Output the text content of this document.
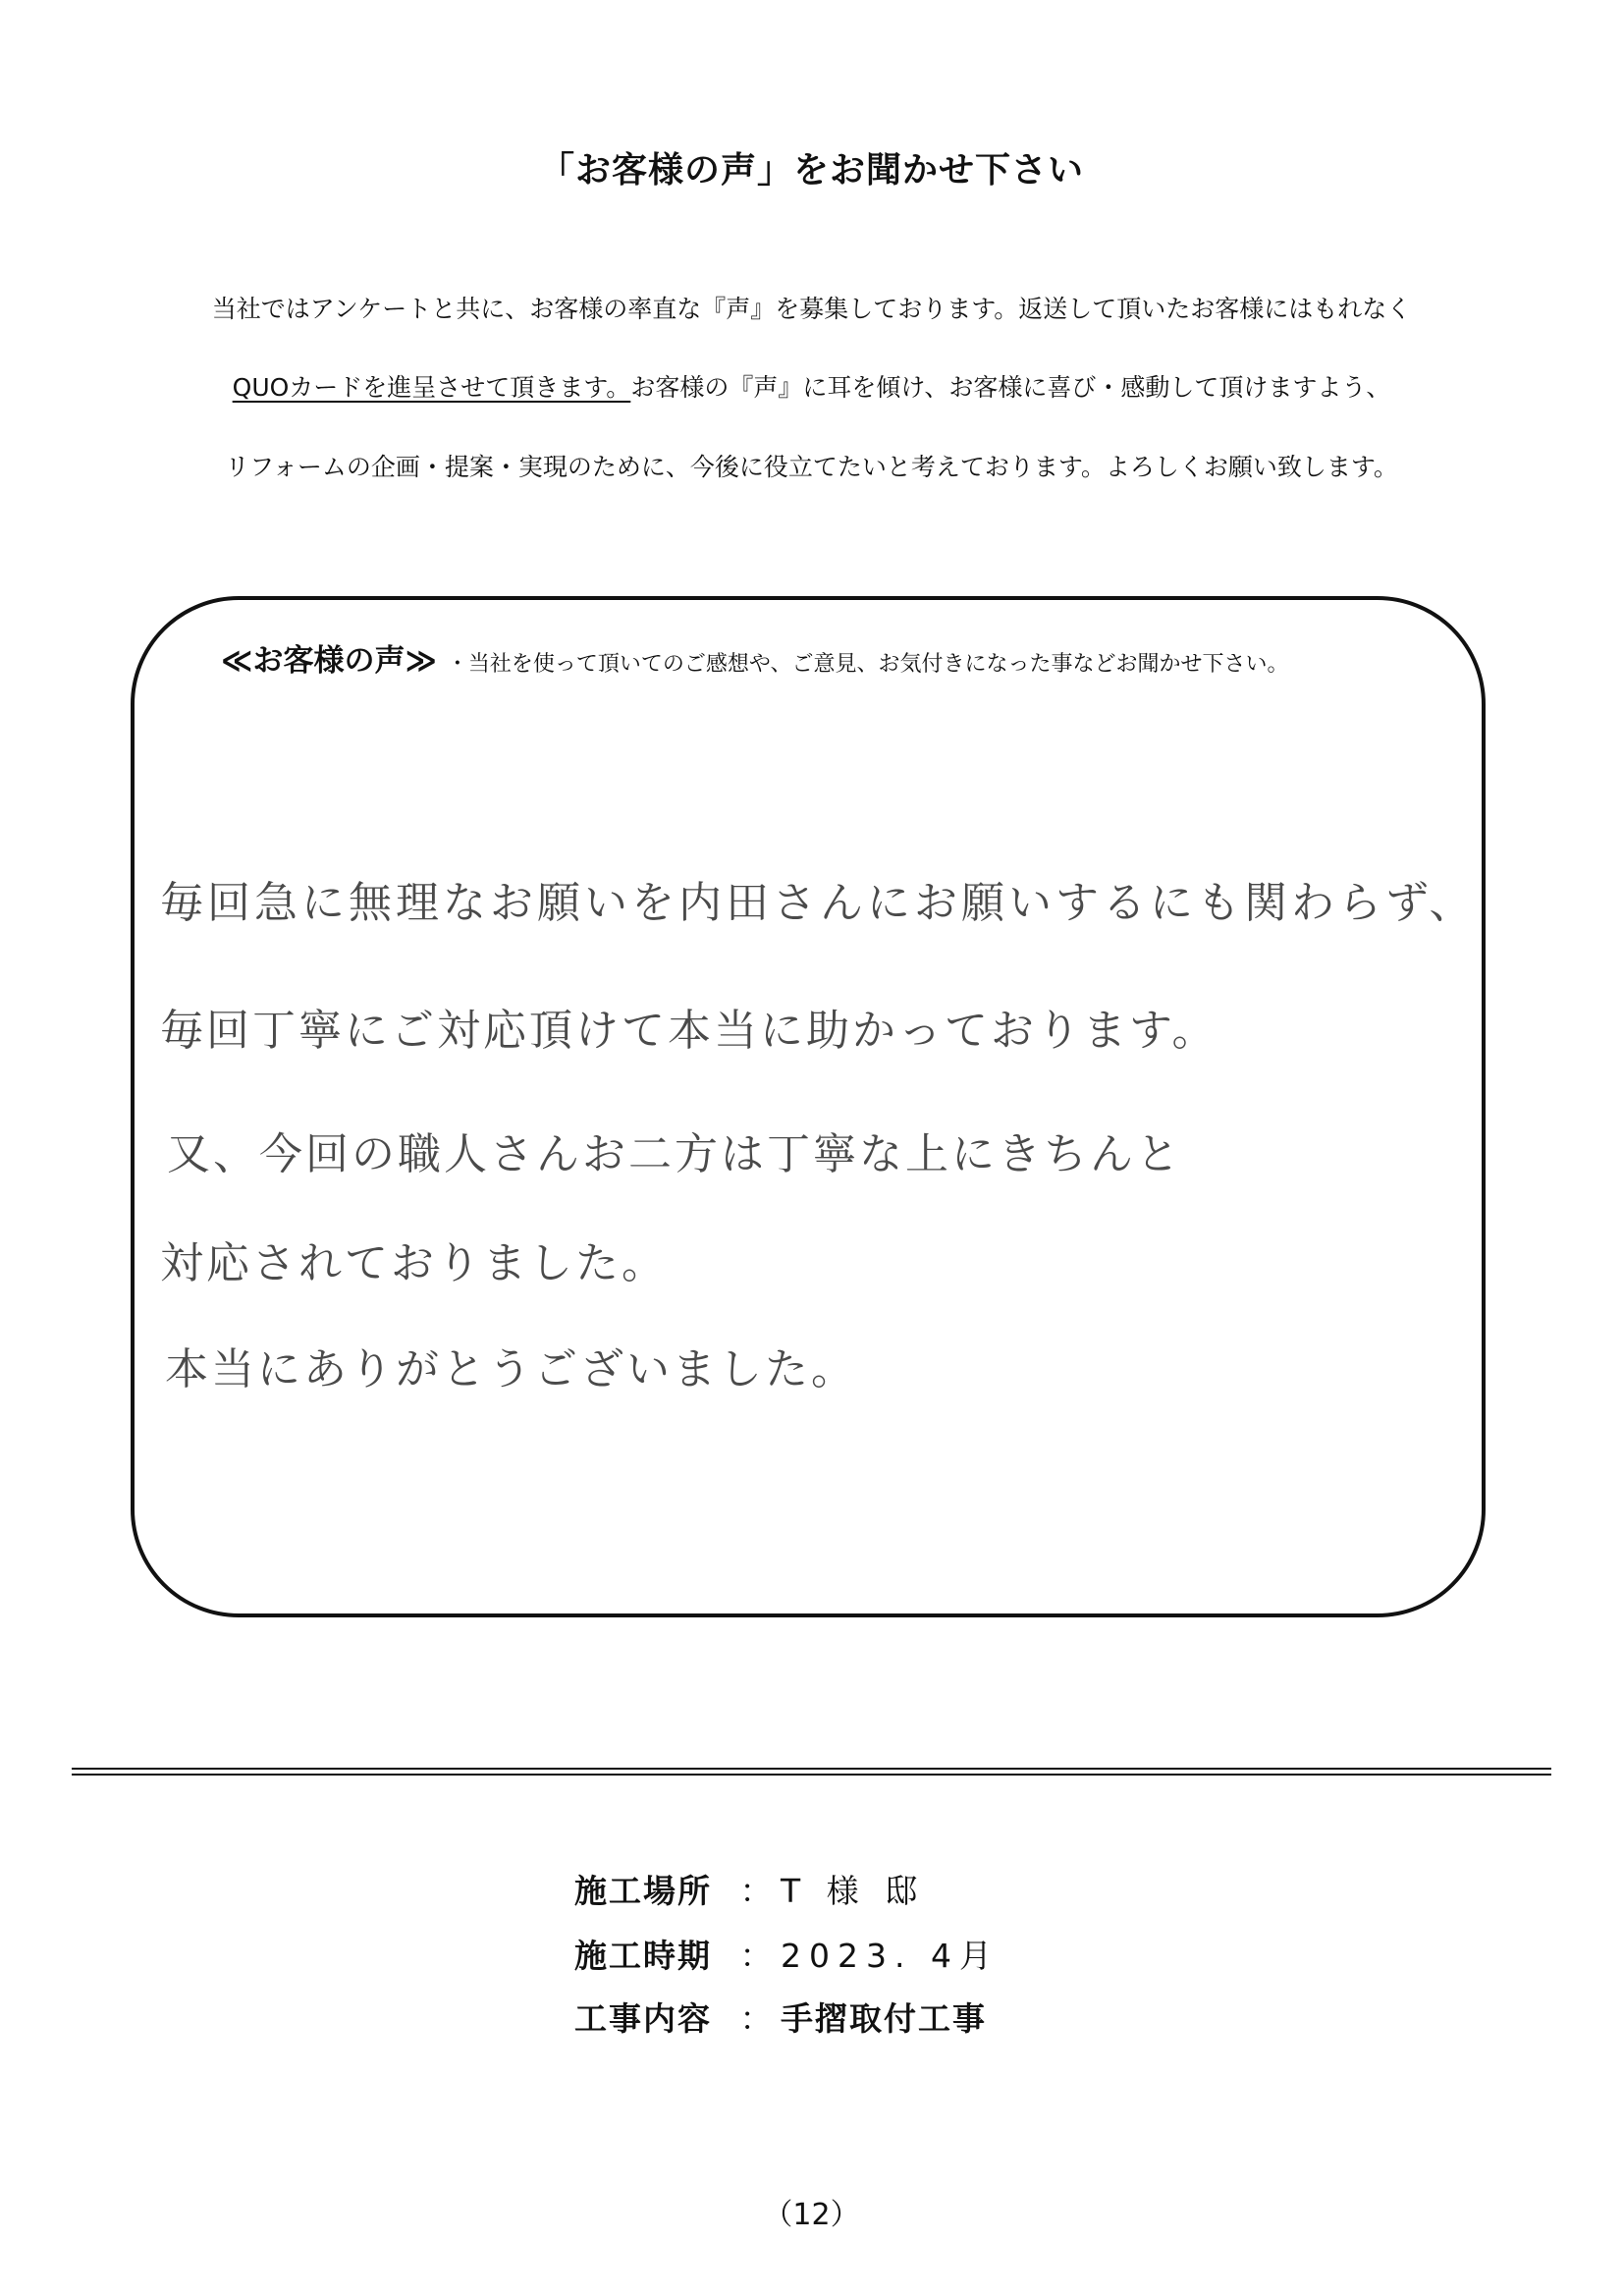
「お客様の声」をお聞かせ下さい
当社ではアンケートと共に、お客様の率直な『声』を募集しております。返送して頂いたお客様にはもれなく
QUOカードを進呈させて頂きます。お客様の『声』に耳を傾け、お客様に喜び・感動して頂けますよう、
リフォームの企画・提案・実現のために、今後に役立てたいと考えております。よろしくお願い致します。
≪お客様の声≫ ・当社を使って頂いてのご感想や、ご意見、お気付きになった事などお聞かせ下さい。
毎回急に無理なお願いを内田さんにお願いするにも関わらず、
毎回丁寧にご対応頂けて本当に助かっております。
又、今回の職人さんお二方は丁寧な上にきちんと
対応されておりました。
本当にありがとうございました。
施工場所 ： T 様 邸
施工時期 ： 2023. 4月
工事内容 ： 手摺取付工事
（12）
